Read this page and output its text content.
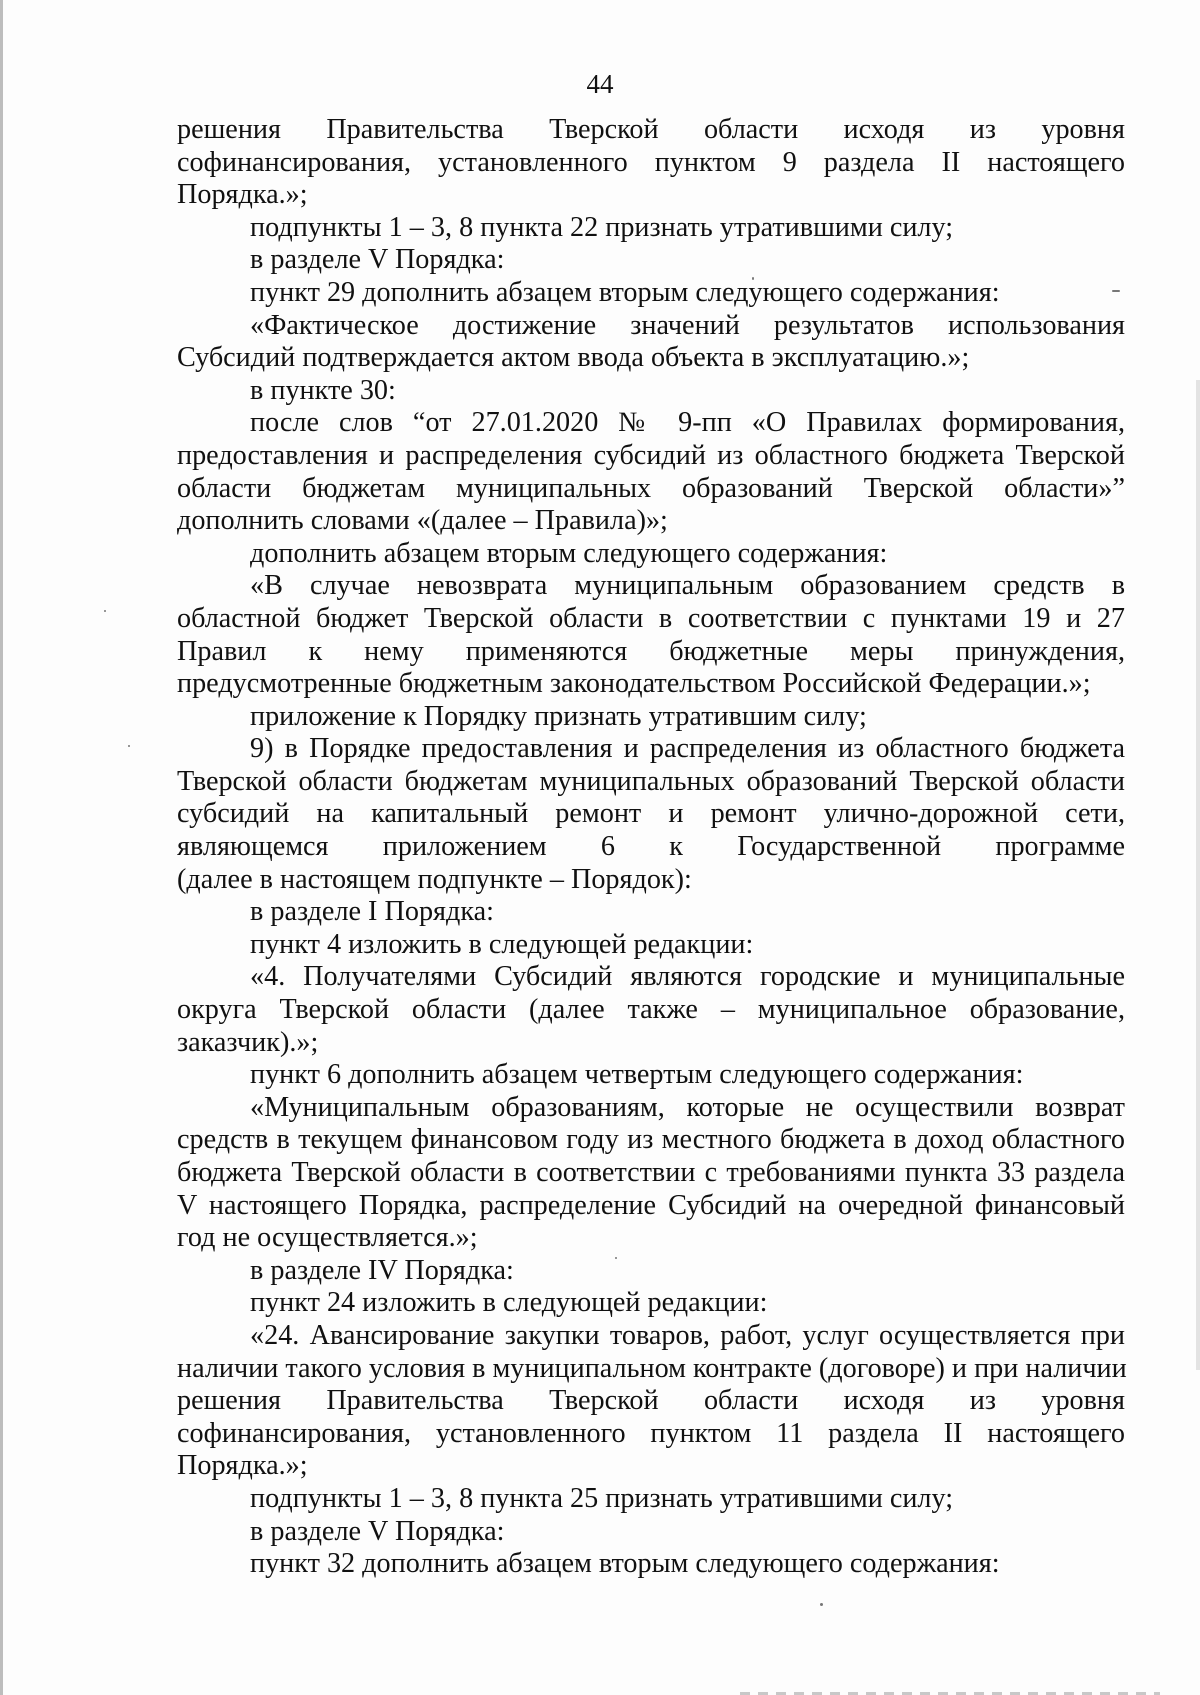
44
решения Правительства Тверской области исходя из уровня
софинансирования, установленного пунктом 9 раздела II настоящего
Порядка.»;
подпункты 1 – 3, 8 пункта 22 признать утратившими силу;
в разделе V Порядка:
пункт 29 дополнить абзацем вторым следующего содержания:
«Фактическое достижение значений результатов использования
Субсидий подтверждается актом ввода объекта в эксплуатацию.»;
в пункте 30:
после слов “от 27.01.2020 № 9-пп «О Правилах формирования,
предоставления и распределения субсидий из областного бюджета Тверской
области бюджетам муниципальных образований Тверской области»”
дополнить словами «(далее – Правила)»;
дополнить абзацем вторым следующего содержания:
«В случае невозврата муниципальным образованием средств в
областной бюджет Тверской области в соответствии с пунктами 19 и 27
Правил к нему применяются бюджетные меры принуждения,
предусмотренные бюджетным законодательством Российской Федерации.»;
приложение к Порядку признать утратившим силу;
9) в Порядке предоставления и распределения из областного бюджета
Тверской области бюджетам муниципальных образований Тверской области
субсидий на капитальный ремонт и ремонт улично-дорожной сети,
являющемся приложением 6 к Государственной программе
(далее в настоящем подпункте – Порядок):
в разделе I Порядка:
пункт 4 изложить в следующей редакции:
«4. Получателями Субсидий являются городские и муниципальные
округа Тверской области (далее также – муниципальное образование,
заказчик).»;
пункт 6 дополнить абзацем четвертым следующего содержания:
«Муниципальным образованиям, которые не осуществили возврат
средств в текущем финансовом году из местного бюджета в доход областного
бюджета Тверской области в соответствии с требованиями пункта 33 раздела
V настоящего Порядка, распределение Субсидий на очередной финансовый
год не осуществляется.»;
в разделе IV Порядка:
пункт 24 изложить в следующей редакции:
«24. Авансирование закупки товаров, работ, услуг осуществляется при
наличии такого условия в муниципальном контракте (договоре) и при наличии
решения Правительства Тверской области исходя из уровня
софинансирования, установленного пунктом 11 раздела II настоящего
Порядка.»;
подпункты 1 – 3, 8 пункта 25 признать утратившими силу;
в разделе V Порядка:
пункт 32 дополнить абзацем вторым следующего содержания:
